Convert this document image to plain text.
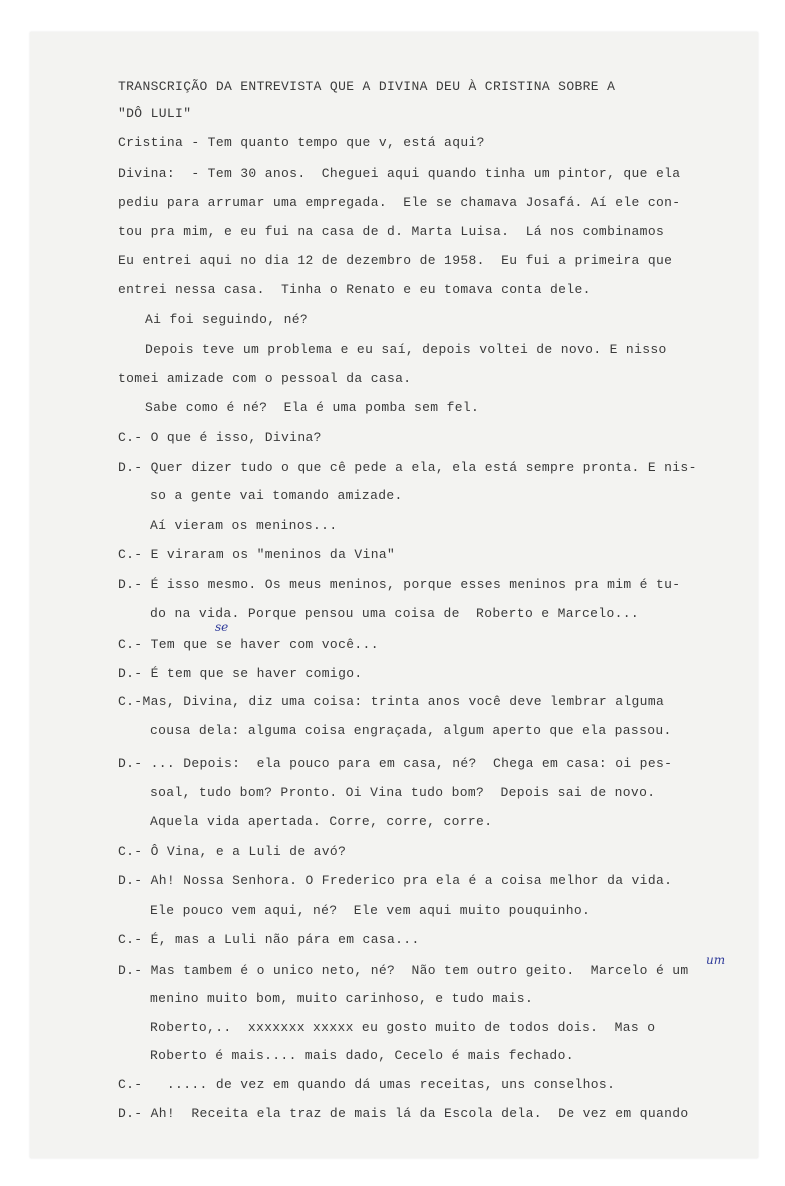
TRANSCRIÇÃO DA ENTREVISTA QUE A DIVINA DEU À CRISTINA SOBRE A
"DÔ LULI"
Cristina - Tem quanto tempo que v, está aqui?
Divina:  - Tem 30 anos.  Cheguei aqui quando tinha um pintor, que ela
pediu para arrumar uma empregada.  Ele se chamava Josafá. Aí ele con-
tou pra mim, e eu fui na casa de d. Marta Luisa.  Lá nos combinamos
Eu entrei aqui no dia 12 de dezembro de 1958.  Eu fui a primeira que
entrei nessa casa.  Tinha o Renato e eu tomava conta dele.
Ai foi seguindo, né?
Depois teve um problema e eu saí, depois voltei de novo. E nisso
tomei amizade com o pessoal da casa.
Sabe como é né?  Ela é uma pomba sem fel.
C.- O que é isso, Divina?
D.- Quer dizer tudo o que cê pede a ela, ela está sempre pronta. E nis-
so a gente vai tomando amizade.
Aí vieram os meninos...
C.- E viraram os "meninos da Vina"
D.- É isso mesmo. Os meus meninos, porque esses meninos pra mim é tu-
do na vida. Porque pensou uma coisa de  Roberto e Marcelo...
C.- Tem que se haver com você...
se
D.- É tem que se haver comigo.
C.-Mas, Divina, diz uma coisa: trinta anos você deve lembrar alguma
cousa dela: alguma coisa engraçada, algum aperto que ela passou.
D.- ... Depois:  ela pouco para em casa, né?  Chega em casa: oi pes-
soal, tudo bom? Pronto. Oi Vina tudo bom?  Depois sai de novo.
Aquela vida apertada. Corre, corre, corre.
C.- Ô Vina, e a Luli de avó?
D.- Ah! Nossa Senhora. O Frederico pra ela é a coisa melhor da vida.
Ele pouco vem aqui, né?  Ele vem aqui muito pouquinho.
C.- É, mas a Luli não pára em casa...
D.- Mas tambem é o unico neto, né?  Não tem outro geito.  Marcelo é um
um
menino muito bom, muito carinhoso, e tudo mais.
Roberto,..  xxxxxxx xxxxx eu gosto muito de todos dois.  Mas o
Roberto é mais.... mais dado, Cecelo é mais fechado.
C.-   ..... de vez em quando dá umas receitas, uns conselhos.
D.- Ah!  Receita ela traz de mais lá da Escola dela.  De vez em quando
